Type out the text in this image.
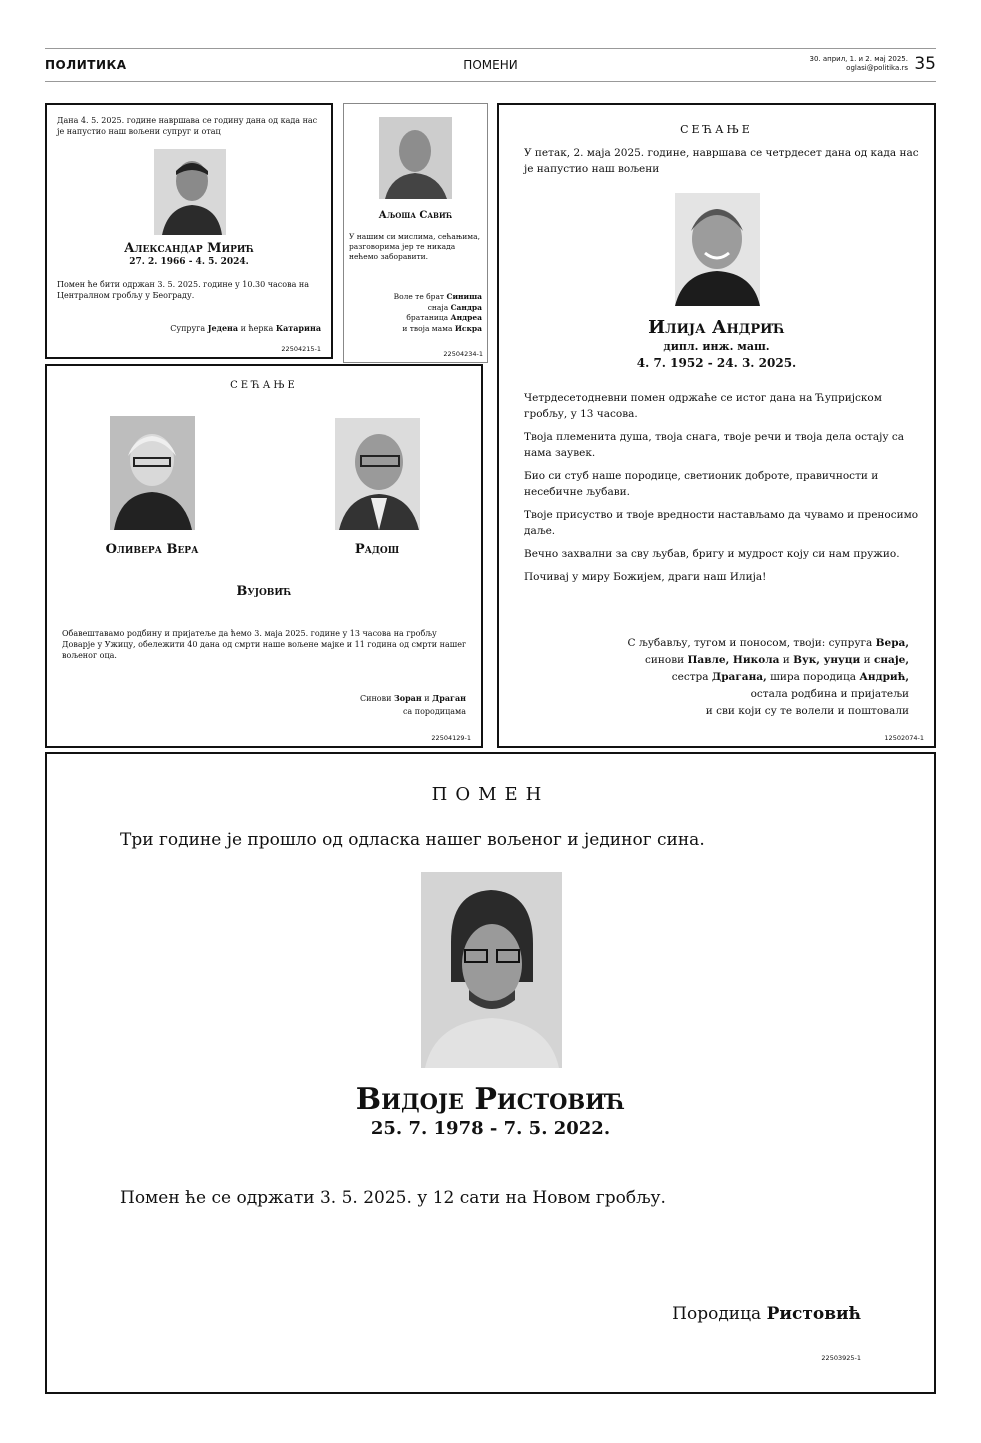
ПОЛИТИКА	ПОМЕНИ	30. април, 1. и 2. мај 2025.
oglasi@politika.rs 35
Дана 4. 5. 2025. године навршава се годину дана од када нас је напустио наш вољени супруг и отац
Александар Мирић
27. 2. 1966 - 4. 5. 2024.
Помен ће бити одржан 3. 5. 2025. године у 10.30 часова на Централном гробљу у Београду.
Супруга Једена и ћерка Катарина
22504215-1
Аљоша Савић
У нашим си мислима, сећањима, разговорима јер те никада нећемо заборавити.
Воле те брат Синиша
снаја Сандра
братаница Андреа
и твоја мама Искра
22504234-1
СЕЋАЊЕ
Оливера Вера	Радош
Вујовић
Обавештавамо родбину и пријатеље да ћемо 3. маја 2025. године у 13 часова на гробљу Доварје у Ужицу, обележити 40 дана од смрти наше вољене мајке и 11 година од смрти нашег вољеног оца.
Синови Зоран и Драган
са породицама
22504129-1
СЕЋАЊЕ
У петак, 2. маја 2025. године, навршава се четрдесет дана од када нас је напустио наш вољени
Илија Андрић
дипл. инж. маш.
4. 7. 1952 - 24. 3. 2025.

Четрдесетодневни помен одржаће се истог дана на Ћупријском гробљу, у 13 часова.

Твоја племенита душа, твоја снага, твоје речи и твоја дела остају са нама заувек.

Био си стуб наше породице, светионик доброте, правичности и несебичне љубави.

Твоје присуство и твоје вредности настављамо да чувамо и преносимо даље.

Вечно захвални за сву љубав, бригу и мудрост коју си нам пружио.

Почивај у миру Божијем, драги наш Илија!

С љубављу, тугом и поносом, твоји: супруга Вера,
синови Павле, Никола и Вук, унуци и снаје,
сестра Драгана, шира породица Андрић,
остала родбина и пријатељи
и сви који су те волели и поштовали
12502074-1
ПОМЕН
Три године је прошло од одласка нашег вољеног и јединог сина.
Видоје Ристовић
25. 7. 1978 - 7. 5. 2022.
Помен ће се одржати 3. 5. 2025. у 12 сати на Новом гробљу.
Породица Ристовић
22503925-1
